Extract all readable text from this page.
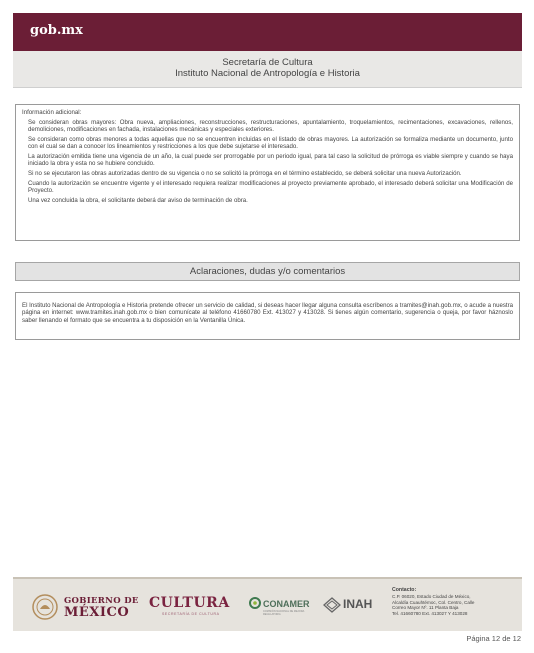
gob.mx
Secretaría de Cultura
Instituto Nacional de Antropología e Historia
Información adicional:

Se consideran obras mayores: Obra nueva, ampliaciones, reconstrucciones, restructuraciones, apuntalamiento, troquelamientos, recimentaciones, excavaciones, rellenos, demoliciones, modificaciones en fachada, instalaciones mecánicas y especiales exteriores.

Se consideran como obras menores a todas aquellas que no se encuentren incluidas en el listado de obras mayores. La autorización se formaliza mediante un documento, junto con el cual se dan a conocer los lineamientos y restricciones a los que debe sujetarse el interesado.

La autorización emitida tiene una vigencia de un año, la cual puede ser prorrogable por un periodo igual, para tal caso la solicitud de prórroga es viable siempre y cuando se haya iniciado la obra y esta no se hubiere concluido.

Si no se ejecutaron las obras autorizadas dentro de su vigencia o no se solicitó la prórroga en el término establecido, se deberá solicitar una nueva Autorización.

Cuando la autorización se encuentre vigente y el interesado requiera realizar modificaciones al proyecto previamente aprobado, el interesado deberá solicitar una Modificación de Proyecto.

Una vez concluida la obra, el solicitante deberá dar aviso de terminación de obra.

Aclaraciones, dudas y/o comentarios
El Instituto Nacional de Antropología e Historia pretende ofrecer un servicio de calidad, si deseas hacer llegar alguna consulta escríbenos a tramites@inah.gob.mx, o acude a nuestra página en internet: www.tramites.inah.gob.mx o bien comunícate al teléfono 41660780 Ext. 413027 y 413028. Si tienes algún comentario, sugerencia o queja, por favor háznoslo saber llenando el formato que se encuentra a tu disposición en la Ventanilla Única.
GOBIERNO DE
MÉXICO
CULTURA
SECRETARÍA DE CULTURA
CONAMER
COMISIÓN NACIONAL DE MEJORA REGULATORIA
INAH
Contacto:
C.P. 06020, Estado Ciudad de México,
Alcaldía Cuauhtémoc, Col. Centro, Calle
Correo Mayor Nº. 11 Planta Baja
Tel. 41660780 Ext. 413027 Y 413028
Página 12 de 12
